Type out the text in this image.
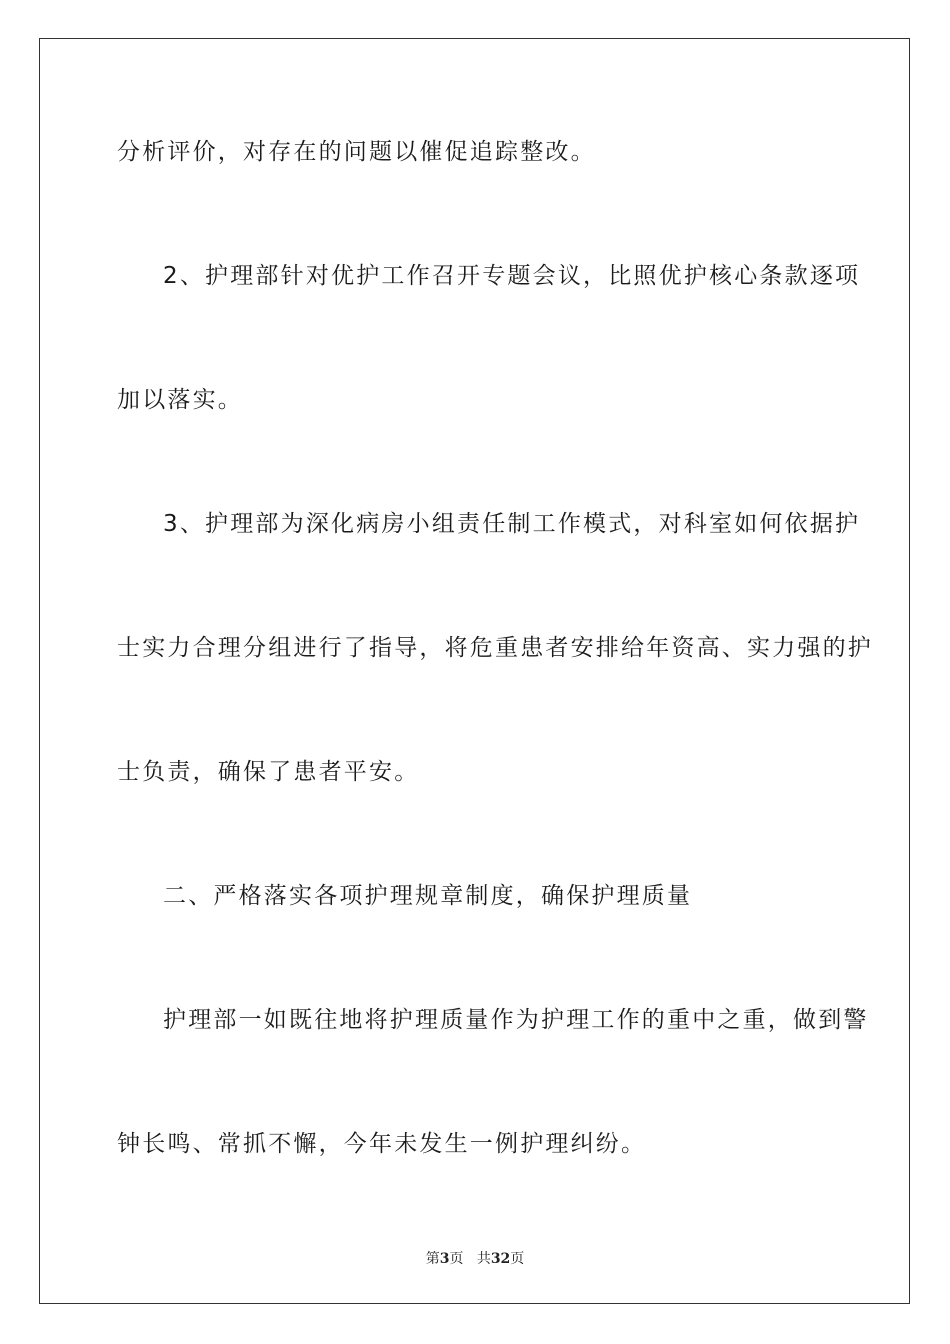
分析评价，对存在的问题以催促追踪整改。
2、护理部针对优护工作召开专题会议，比照优护核心条款逐项
加以落实。
3、护理部为深化病房小组责任制工作模式，对科室如何依据护
士实力合理分组进行了指导，将危重患者安排给年资高、实力强的护
士负责，确保了患者平安。
二、严格落实各项护理规章制度，确保护理质量
护理部一如既往地将护理质量作为护理工作的重中之重，做到警
钟长鸣、常抓不懈，今年未发生一例护理纠纷。
第3页 共32页
